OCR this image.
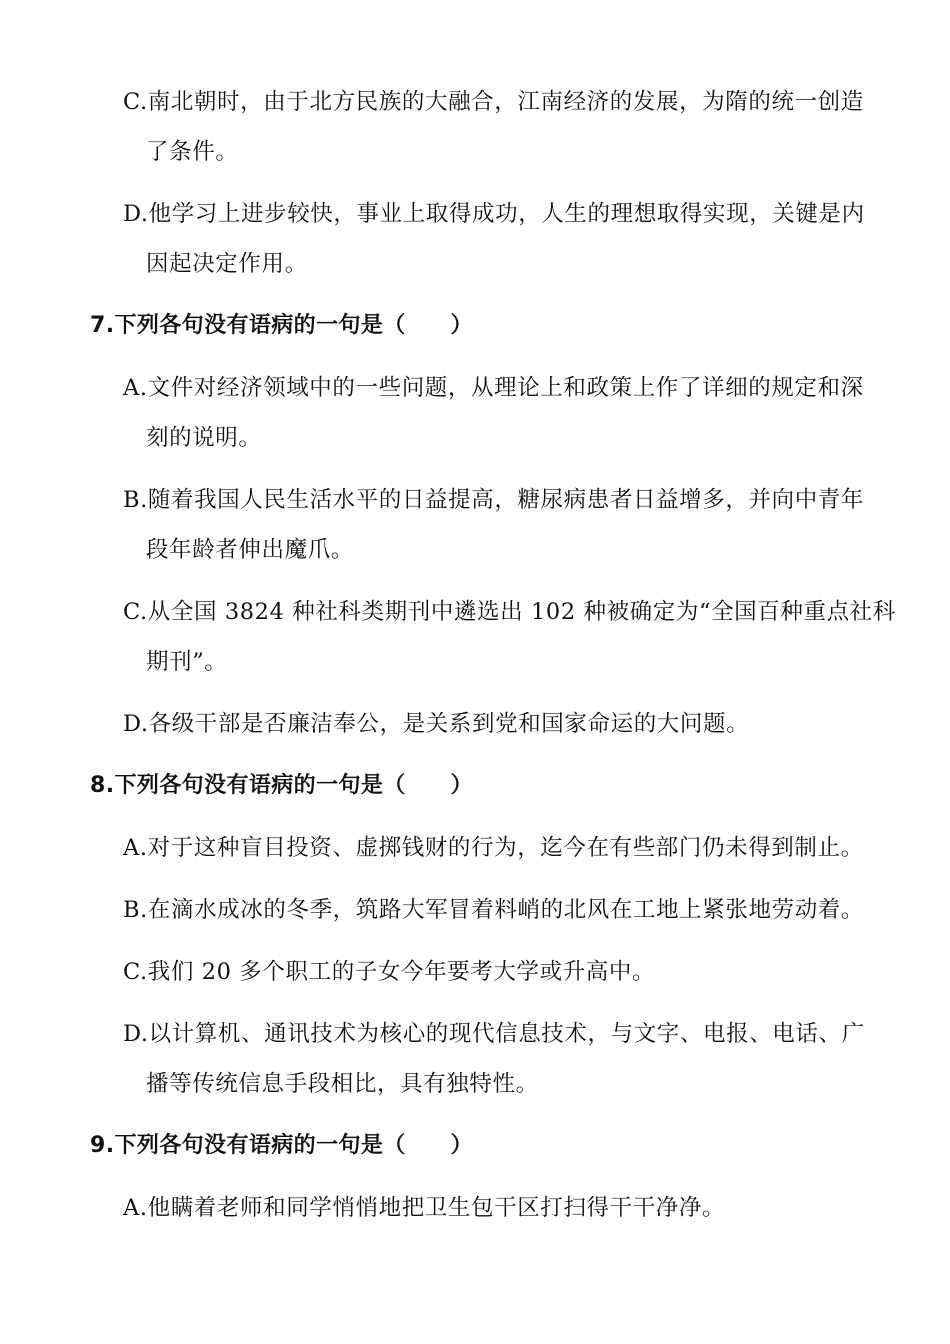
C.南北朝时，由于北方民族的大融合，江南经济的发展，为隋的统一创造
了条件。
D.他学习上进步较快，事业上取得成功，人生的理想取得实现，关键是内
因起决定作用。
7.下列各句没有语病的一句是（　　）
A.文件对经济领域中的一些问题，从理论上和政策上作了详细的规定和深
刻的说明。
B.随着我国人民生活水平的日益提高，糖尿病患者日益增多，并向中青年
段年龄者伸出魔爪。
C.从全国 3824 种社科类期刊中遴选出 102 种被确定为“全国百种重点社科
期刊”。
D.各级干部是否廉洁奉公，是关系到党和国家命运的大问题。
8.下列各句没有语病的一句是（　　）
A.对于这种盲目投资、虚掷钱财的行为，迄今在有些部门仍未得到制止。
B.在滴水成冰的冬季，筑路大军冒着料峭的北风在工地上紧张地劳动着。
C.我们 20 多个职工的子女今年要考大学或升高中。
D.以计算机、通讯技术为核心的现代信息技术，与文字、电报、电话、广
播等传统信息手段相比，具有独特性。
9.下列各句没有语病的一句是（　　）
A.他瞒着老师和同学悄悄地把卫生包干区打扫得干干净净。
